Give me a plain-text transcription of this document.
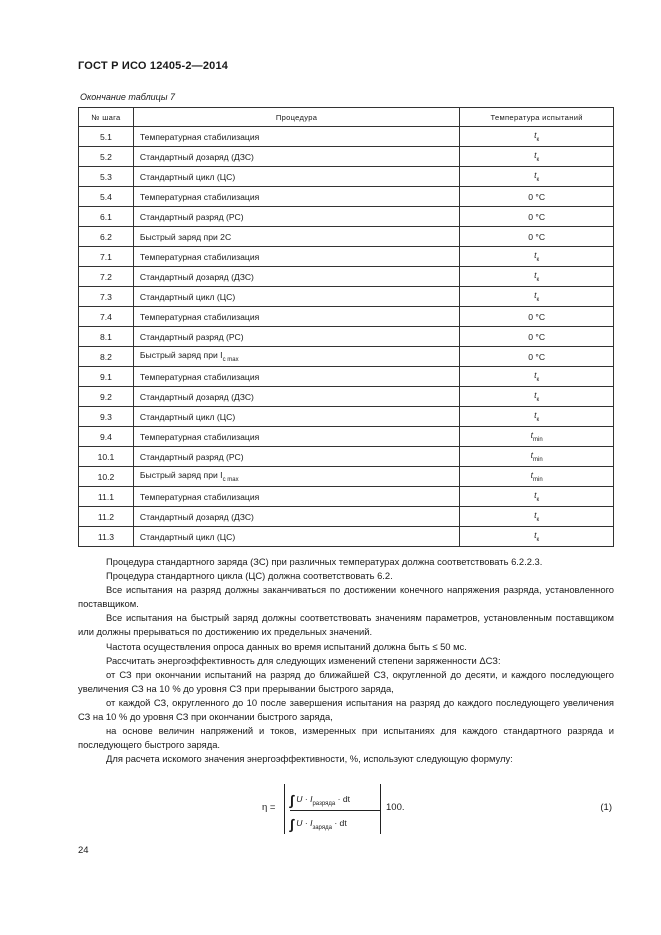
ГОСТ Р ИСО 12405-2—2014
Окончание таблицы 7
№ шага	Процедура	Температура испытаний
5.1	Температурная стабилизация	$t_к$
5.2	Стандартный дозаряд (ДЗС)	$t_к$
5.3	Стандартный цикл (ЦС)	$t_к$
5.4	Температурная стабилизация	0 °C
6.1	Стандартный разряд (РС)	0 °C
6.2	Быстрый заряд при 2С	0 °C
7.1	Температурная стабилизация	$t_к$
7.2	Стандартный дозаряд (ДЗС)	$t_к$
7.3	Стандартный цикл (ЦС)	$t_к$
7.4	Температурная стабилизация	0 °C
8.1	Стандартный разряд (РС)	0 °C
8.2	Быстрый заряд при $I_{c max}$	0 °C
9.1	Температурная стабилизация	$t_к$
9.2	Стандартный дозаряд (ДЗС)	$t_к$
9.3	Стандартный цикл (ЦС)	$t_к$
9.4	Температурная стабилизация	$t_{min}$
10.1	Стандартный разряд (РС)	$t_{min}$
10.2	Быстрый заряд при $I_{c max}$	$t_{min}$
11.1	Температурная стабилизация	$t_к$
11.2	Стандартный дозаряд (ДЗС)	$t_к$
11.3	Стандартный цикл (ЦС)	$t_к$

Процедура стандартного заряда (ЗС) при различных температурах должна соответствовать 6.2.2.3.

Процедура стандартного цикла (ЦС) должна соответствовать 6.2.

Все испытания на разряд должны заканчиваться по достижении конечного напряжения разряда, установленного поставщиком.

Все испытания на быстрый заряд должны соответствовать значениям параметров, установленным поставщиком или должны прерываться по достижению их предельных значений.

Частота осуществления опроса данных во время испытаний должна быть ≤ 50 мс.

Рассчитать энергоэффективность для следующих изменений степени заряженности ΔСЗ:

от СЗ при окончании испытаний на разряд до ближайшей СЗ, округленной до десяти, и каждого последующего увеличения СЗ на 10 % до уровня СЗ при прерывании быстрого заряда,

от каждой СЗ, округленного до 10 после завершения испытания на разряд до каждого последующего увеличения СЗ на 10 % до уровня СЗ при окончании быстрого заряда,

на основе величин напряжений и токов, измеренных при испытаниях для каждого стандартного разряда и последующего быстрого заряда.

Для расчета искомого значения энергоэффективности, %, используют следующую формулу:

η = ∫ $U \cdot I_{разряда}$ · dt
∫ $U \cdot I_{заряда}$ · dt
100.	(1)
24
